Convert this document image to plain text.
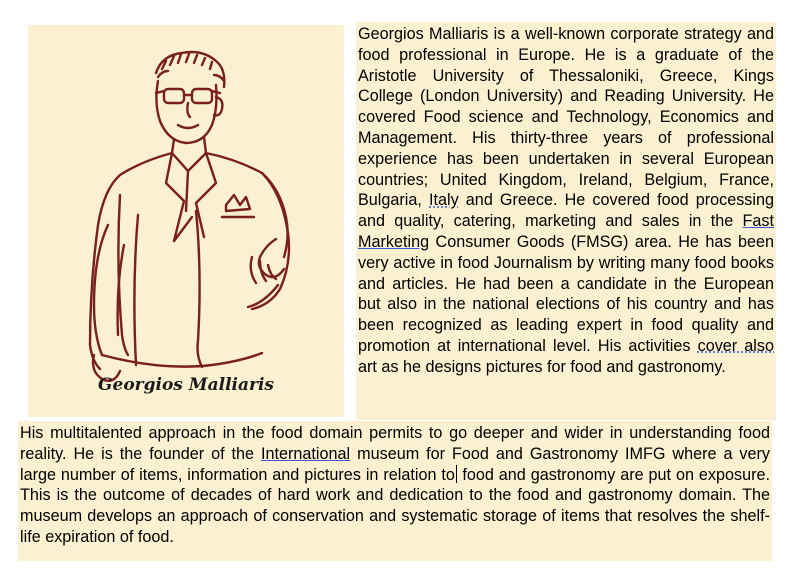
Georgios Malliaris

Georgios Malliaris is a well-known corporate strategy and food professional in Europe. He is a graduate of the Aristotle University of Thessaloniki, Greece, Kings College (London University) and Reading University. He covered Food science and Technology, Economics and Management. His thirty-three years of professional experience has been undertaken in several European countries; United Kingdom, Ireland, Belgium, France, Bulgaria, Italy and Greece. He covered food processing and quality, catering, marketing and sales in the Fast Marketing Consumer Goods (FMSG) area. He has been very active in food Journalism by writing many food books and articles. He had been a candidate in the European but also in the national elections of his country and has been recognized as leading expert in food quality and promotion at international level. His activities cover also art as he designs pictures for food and gastronomy.

His multitalented approach in the food domain permits to go deeper and wider in understanding food reality. He is the founder of the International museum for Food and Gastronomy IMFG where a very large number of items, information and pictures in relation to food and gastronomy are put on exposure. This is the outcome of decades of hard work and dedication to the food and gastronomy domain. The museum develops an approach of conservation and systematic storage of items that resolves the shelf-life expiration of food.
